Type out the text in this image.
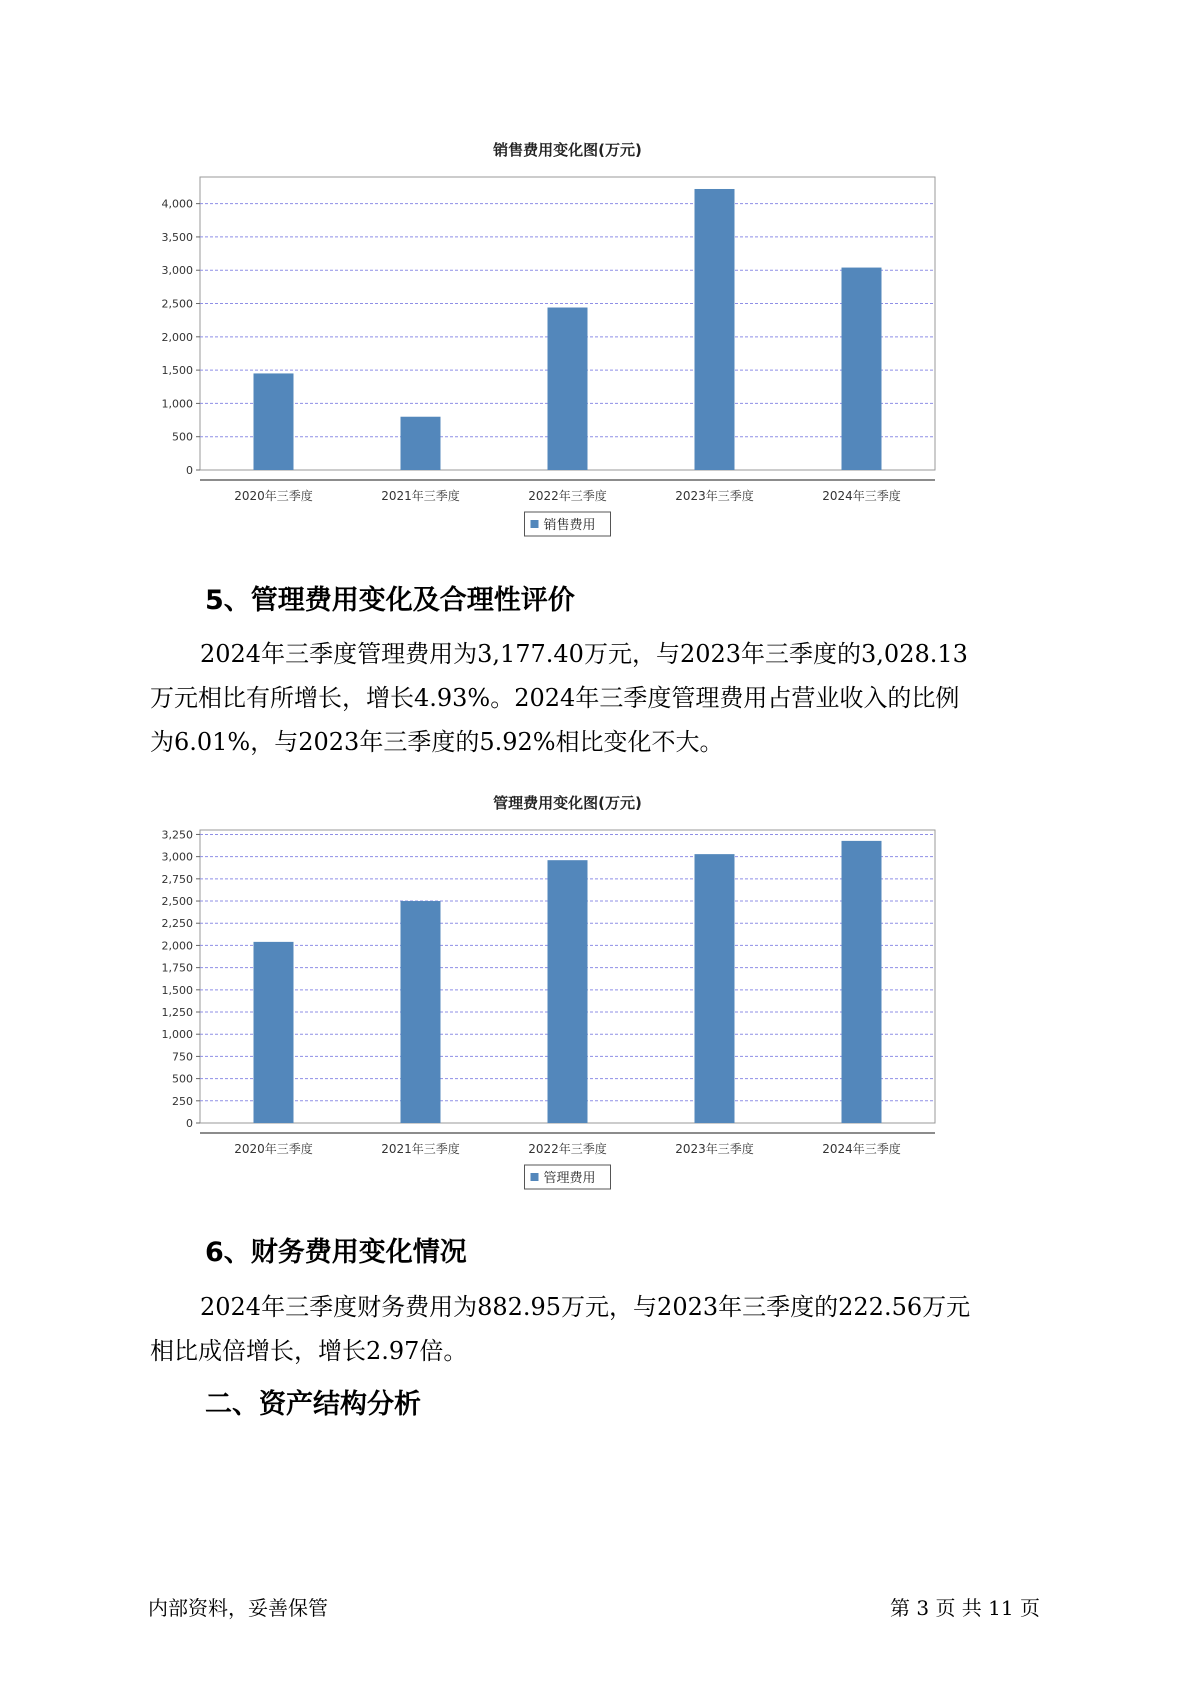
销售费用变化图(万元)
0
500
1,000
1,500
2,000
2,500
3,000
3,500
4,000
2020年三季度	2021年三季度	2022年三季度	2023年三季度	2024年三季度
销售费用
5、管理费用变化及合理性评价

2024年三季度管理费用为3,177.40万元，与2023年三季度的3,028.13
万元相比有所增长，增长4.93%。2024年三季度管理费用占营业收入的比例
为6.01%，与2023年三季度的5.92%相比变化不大。

管理费用变化图(万元)
0
250
500
750
1,000
1,250
1,500
1,750
2,000
2,250
2,500
2,750
3,000
3,250
2020年三季度	2021年三季度	2022年三季度	2023年三季度	2024年三季度
管理费用
6、财务费用变化情况

2024年三季度财务费用为882.95万元，与2023年三季度的222.56万元
相比成倍增长，增长2.97倍。

二、资产结构分析
内部资料，妥善保管	第 3 页 共 11 页
